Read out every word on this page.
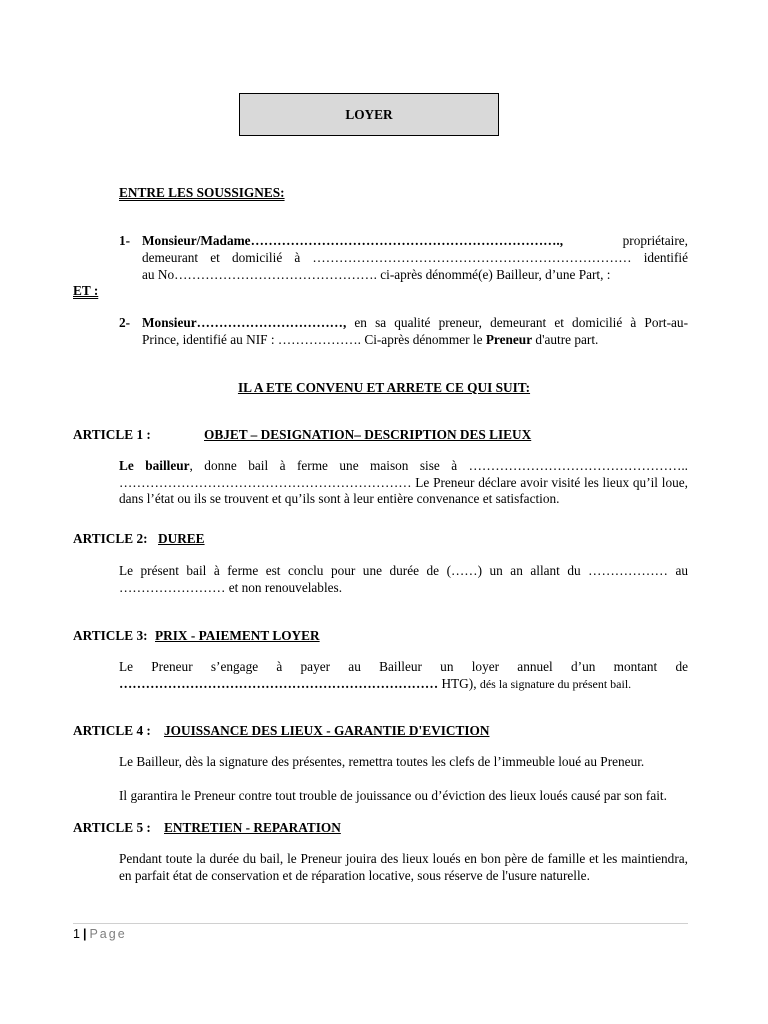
LOYER
ENTRE LES SOUSSIGNES:
1- Monsieur/Madame…………………………………………………………….,	propriétaire,
demeurant et domicilié à ……………………………………………………………… identifié
au No………………………………………. ci-après dénommé(e) Bailleur, d’une Part, :
ET :
2- Monsieur……………………………, en sa qualité preneur, demeurant et domicilié à Port-au-
Prince, identifié au NIF : ………………. Ci-après dénommer le Preneur d'autre part.
IL A ETE CONVENU ET ARRETE CE QUI SUIT:
ARTICLE 1 :	OBJET – DESIGNATION– DESCRIPTION DES LIEUX
Le bailleur, donne bail à ferme une maison sise à ………………………………………….. ………………………………………………………… Le Preneur déclare avoir visité les lieux qu’il loue, dans l’état ou ils se trouvent et qu’ils sont à leur entière convenance et satisfaction.
ARTICLE 2: DUREE
Le présent bail à ferme est conclu pour une durée de (……) un an allant du ……………… au …………………… et non renouvelables.
ARTICLE 3: PRIX - PAIEMENT LOYER
Le Preneur s’engage à payer au Bailleur un loyer annuel d’un montant de
……………………………………………………………… HTG), dés la signature du présent bail.
ARTICLE 4 : JOUISSANCE DES LIEUX - GARANTIE D'EVICTION
Le Bailleur, dès la signature des présentes, remettra toutes les clefs de l’immeuble loué au Preneur.
Il garantira le Preneur contre tout trouble de jouissance ou d’éviction des lieux loués causé par son fait.
ARTICLE 5 : ENTRETIEN - REPARATION
Pendant toute la durée du bail, le Preneur jouira des lieux loués en bon père de famille et les maintiendra, en parfait état de conservation et de réparation locative, sous réserve de l'usure naturelle.
1 | Page
